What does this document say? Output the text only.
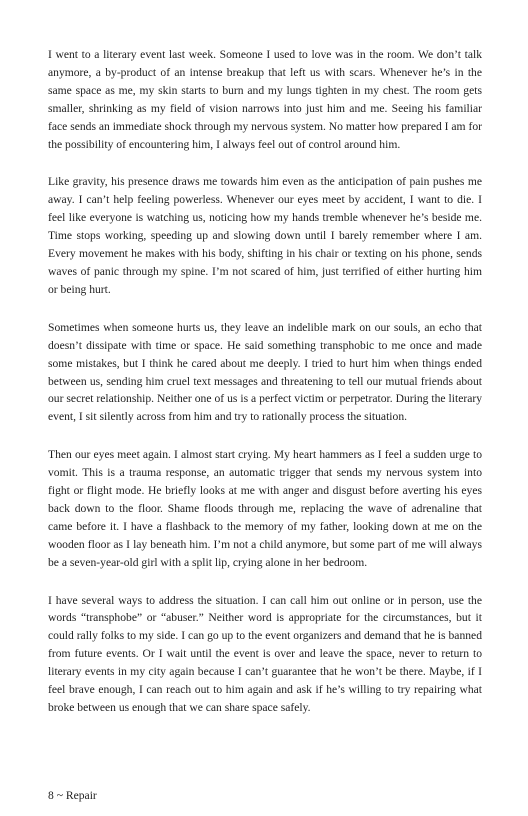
I went to a literary event last week. Someone I used to love was in the room. We don’t talk anymore, a by-product of an intense breakup that left us with scars. Whenever he’s in the same space as me, my skin starts to burn and my lungs tighten in my chest. The room gets smaller, shrinking as my field of vision narrows into just him and me. Seeing his familiar face sends an immediate shock through my nervous system. No matter how prepared I am for the possibility of encountering him, I always feel out of control around him.

Like gravity, his presence draws me towards him even as the anticipation of pain pushes me away. I can’t help feeling powerless. Whenever our eyes meet by accident, I want to die. I feel like everyone is watching us, noticing how my hands tremble whenever he’s beside me. Time stops working, speeding up and slowing down until I barely remember where I am. Every movement he makes with his body, shifting in his chair or texting on his phone, sends waves of panic through my spine. I’m not scared of him, just terrified of either hurting him or being hurt.

Sometimes when someone hurts us, they leave an indelible mark on our souls, an echo that doesn’t dissipate with time or space. He said something transphobic to me once and made some mistakes, but I think he cared about me deeply. I tried to hurt him when things ended between us, sending him cruel text messages and threatening to tell our mutual friends about our secret relationship. Neither one of us is a perfect victim or perpetrator. During the literary event, I sit silently across from him and try to rationally process the situation.

Then our eyes meet again. I almost start crying. My heart hammers as I feel a sudden urge to vomit. This is a trauma response, an automatic trigger that sends my nervous system into fight or flight mode. He briefly looks at me with anger and disgust before averting his eyes back down to the floor. Shame floods through me, replacing the wave of adrenaline that came before it. I have a flashback to the memory of my father, looking down at me on the wooden floor as I lay beneath him. I’m not a child anymore, but some part of me will always be a seven-year-old girl with a split lip, crying alone in her bedroom.

I have several ways to address the situation. I can call him out online or in person, use the words “transphobe” or “abuser.” Neither word is appropriate for the circumstances, but it could rally folks to my side. I can go up to the event organizers and demand that he is banned from future events. Or I wait until the event is over and leave the space, never to return to literary events in my city again because I can’t guarantee that he won’t be there. Maybe, if I feel brave enough, I can reach out to him again and ask if he’s willing to try repairing what broke between us enough that we can share space safely.

8 ~ Repair
